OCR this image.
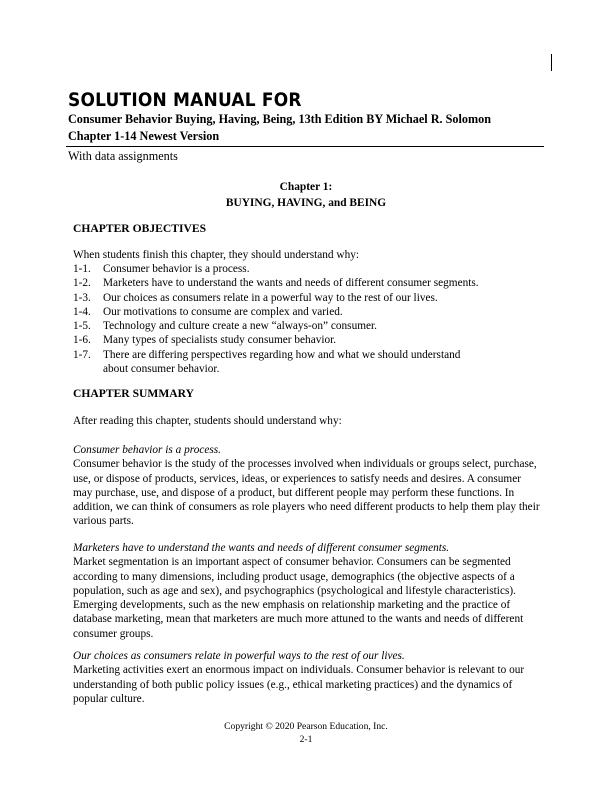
SOLUTION MANUAL FOR
Consumer Behavior Buying, Having, Being, 13th Edition BY Michael R. Solomon
Chapter 1-14 Newest Version
With data assignments
Chapter 1:
BUYING, HAVING, and BEING
CHAPTER OBJECTIVES
When students finish this chapter, they should understand why:
1-1.	Consumer behavior is a process.
1-2.	Marketers have to understand the wants and needs of different consumer segments.
1-3.	Our choices as consumers relate in a powerful way to the rest of our lives.
1-4.	Our motivations to consume are complex and varied.
1-5.	Technology and culture create a new “always-on” consumer.
1-6.	Many types of specialists study consumer behavior.
1-7.	There are differing perspectives regarding how and what we should understand about consumer behavior.
CHAPTER SUMMARY
After reading this chapter, students should understand why:
Consumer behavior is a process.
Consumer behavior is the study of the processes involved when individuals or groups select, purchase, use, or dispose of products, services, ideas, or experiences to satisfy needs and desires. A consumer may purchase, use, and dispose of a product, but different people may perform these functions. In addition, we can think of consumers as role players who need different products to help them play their various parts.
Marketers have to understand the wants and needs of different consumer segments.
Market segmentation is an important aspect of consumer behavior. Consumers can be segmented according to many dimensions, including product usage, demographics (the objective aspects of a population, such as age and sex), and psychographics (psychological and lifestyle characteristics). Emerging developments, such as the new emphasis on relationship marketing and the practice of database marketing, mean that marketers are much more attuned to the wants and needs of different consumer groups.
Our choices as consumers relate in powerful ways to the rest of our lives.
Marketing activities exert an enormous impact on individuals. Consumer behavior is relevant to our understanding of both public policy issues (e.g., ethical marketing practices) and the dynamics of popular culture.
Copyright © 2020 Pearson Education, Inc.
2-1
